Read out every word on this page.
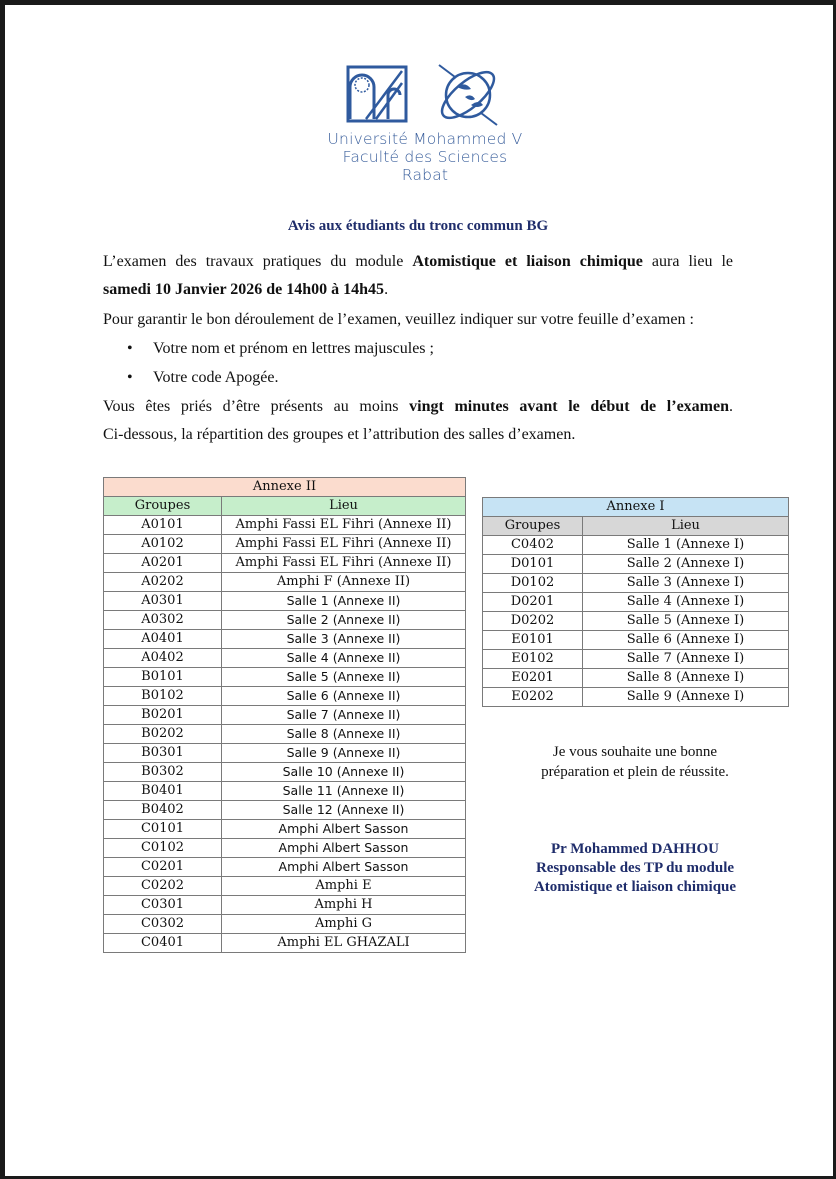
Université Mohammed V
Faculté des Sciences
Rabat
Avis aux étudiants du tronc commun BG
L’examen des travaux pratiques du module Atomistique et liaison chimique aura lieu le
samedi 10 Janvier 2026 de 14h00 à 14h45.
Pour garantir le bon déroulement de l’examen, veuillez indiquer sur votre feuille d’examen :
• Votre nom et prénom en lettres majuscules ;
• Votre code Apogée.
Vous êtes priés d’être présents au moins vingt minutes avant le début de l’examen.
Ci-dessous, la répartition des groupes et l’attribution des salles d’examen.
Annexe II	
Groupes	Lieu
A0101	Amphi Fassi EL Fihri (Annexe II)
A0102	Amphi Fassi EL Fihri (Annexe II)
A0201	Amphi Fassi EL Fihri (Annexe II)
A0202	Amphi F (Annexe II)
A0301	Salle 1 (Annexe II)
A0302	Salle 2 (Annexe II)
A0401	Salle 3 (Annexe II)
A0402	Salle 4 (Annexe II)
B0101	Salle 5 (Annexe II)
B0102	Salle 6 (Annexe II)
B0201	Salle 7 (Annexe II)
B0202	Salle 8 (Annexe II)
B0301	Salle 9 (Annexe II)
B0302	Salle 10 (Annexe II)
B0401	Salle 11 (Annexe II)
B0402	Salle 12 (Annexe II)
C0101	Amphi Albert Sasson
C0102	Amphi Albert Sasson
C0201	Amphi Albert Sasson
C0202	Amphi E
C0301	Amphi H
C0302	Amphi G
C0401	Amphi EL GHAZALI
Annexe I	
Groupes	Lieu
C0402	Salle 1 (Annexe I)
D0101	Salle 2 (Annexe I)
D0102	Salle 3 (Annexe I)
D0201	Salle 4 (Annexe I)
D0202	Salle 5 (Annexe I)
E0101	Salle 6 (Annexe I)
E0102	Salle 7 (Annexe I)
E0201	Salle 8 (Annexe I)
E0202	Salle 9 (Annexe I)
Je vous souhaite une bonne
préparation et plein de réussite.
Pr Mohammed DAHHOU
Responsable des TP du module
Atomistique et liaison chimique
